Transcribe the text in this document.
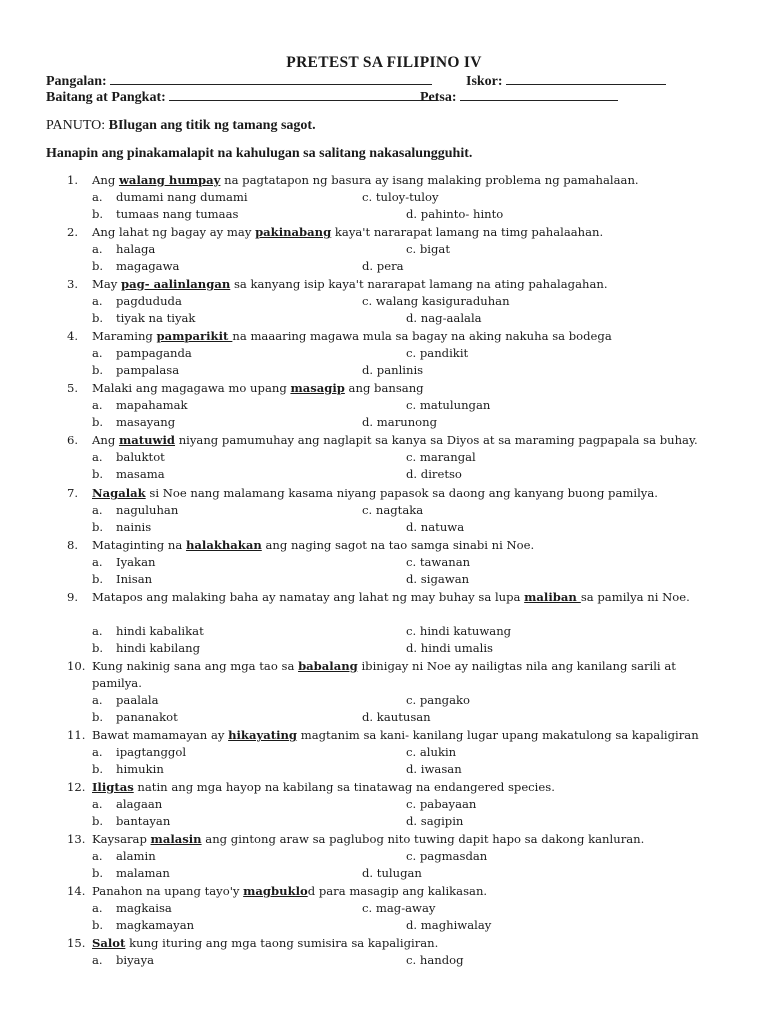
PRETEST SA FILIPINO IV
Pangalan:	Iskor:
Baitang at Pangkat:	Petsa:
PANUTO: BIlugan ang titik ng tamang sagot.
Hanapin ang pinakamalapit na kahulugan sa salitang nakasalungguhit.
1. Ang walang humpay na pagtatapon ng basura ay isang malaking problema ng pamahalaan.
a. dumami nang dumami	c. tuloy-tuloy
b. tumaas nang tumaas	d. pahinto- hinto
2. Ang lahat ng bagay ay may pakinabang kaya't nararapat lamang na timg pahalaahan.
a. halaga	c. bigat
b. magagawa	d. pera
3. May pag- aalinlangan sa kanyang isip kaya't nararapat lamang na ating pahalagahan.
a. pagdududa	c. walang kasiguraduhan
b. tiyak na tiyak	d. nag-aalala
4. Maraming pamparikit na maaaring magawa mula sa bagay na aking nakuha sa bodega
a. pampaganda	c. pandikit
b. pampalasa	d. panlinis
5. Malaki ang magagawa mo upang masagip ang bansang
a. mapahamak	c. matulungan
b. masayang	d. marunong
6. Ang matuwid niyang pamumuhay ang naglapit sa kanya sa Diyos at sa maraming pagpapala sa buhay.
a. baluktot	c. marangal
b. masama	d. diretso
7. Nagalak si Noe nang malamang kasama niyang papasok sa daong ang kanyang buong pamilya.
a. naguluhan	c. nagtaka
b. nainis	d. natuwa
8. Mataginting na halakhakan ang naging sagot na tao samga sinabi ni Noe.
a. Iyakan	c. tawanan
b. Inisan	d. sigawan
9. Matapos ang malaking baha ay namatay ang lahat ng may buhay sa lupa maliban sa pamilya ni Noe.
a. hindi kabalikat	c. hindi katuwang
b. hindi kabilang	d. hindi umalis
10. Kung nakinig sana ang mga tao sa babalang ibinigay ni Noe ay nailigtas nila ang kanilang sarili at
pamilya.
a. paalala	c. pangako
b. pananakot	d. kautusan
11. Bawat mamamayan ay hikayating magtanim sa kani- kanilang lugar upang makatulong sa kapaligiran
a. ipagtanggol	c. alukin
b. himukin	d. iwasan
12. Iligtas natin ang mga hayop na kabilang sa tinatawag na endangered species.
a. alagaan	c. pabayaan
b. bantayan	d. sagipin
13. Kaysarap malasin ang gintong araw sa paglubog nito tuwing dapit hapo sa dakong kanluran.
a. alamin	c. pagmasdan
b. malaman	d. tulugan
14. Panahon na upang tayo'y magbuklod para masagip ang kalikasan.
a. magkaisa	c. mag-away
b. magkamayan	d. maghiwalay
15. Salot kung ituring ang mga taong sumisira sa kapaligiran.
a. biyaya	c. handog
